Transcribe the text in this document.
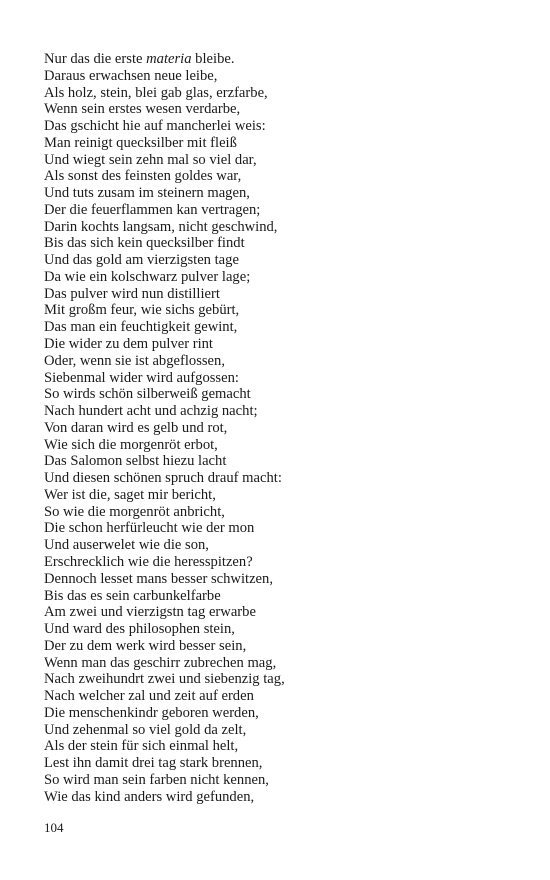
Nur das die erste materia bleibe.
Daraus erwachsen neue leibe,
Als holz, stein, blei gab glas, erzfarbe,
Wenn sein erstes wesen verdarbe,
Das gschicht hie auf mancherlei weis:
Man reinigt quecksilber mit fleiß
Und wiegt sein zehn mal so viel dar,
Als sonst des feinsten goldes war,
Und tuts zusam im steinern magen,
Der die feuerflammen kan vertragen;
Darin kochts langsam, nicht geschwind,
Bis das sich kein quecksilber findt
Und das gold am vierzigsten tage
Da wie ein kolschwarz pulver lage;
Das pulver wird nun distilliert
Mit großm feur, wie sichs gebürt,
Das man ein feuchtigkeit gewint,
Die wider zu dem pulver rint
Oder, wenn sie ist abgeflossen,
Siebenmal wider wird aufgossen:
So wirds schön silberweiß gemacht
Nach hundert acht und achzig nacht;
Von daran wird es gelb und rot,
Wie sich die morgenröt erbot,
Das Salomon selbst hiezu lacht
Und diesen schönen spruch drauf macht:
Wer ist die, saget mir bericht,
So wie die morgenröt anbricht,
Die schon herfürleucht wie der mon
Und auserwelet wie die son,
Erschrecklich wie die heresspitzen?
Dennoch lesset mans besser schwitzen,
Bis das es sein carbunkelfarbe
Am zwei und vierzigstn tag erwarbe
Und ward des philosophen stein,
Der zu dem werk wird besser sein,
Wenn man das geschirr zubrechen mag,
Nach zweihundrt zwei und siebenzig tag,
Nach welcher zal und zeit auf erden
Die menschenkindr geboren werden,
Und zehenmal so viel gold da zelt,
Als der stein für sich einmal helt,
Lest ihn damit drei tag stark brennen,
So wird man sein farben nicht kennen,
Wie das kind anders wird gefunden,
104
